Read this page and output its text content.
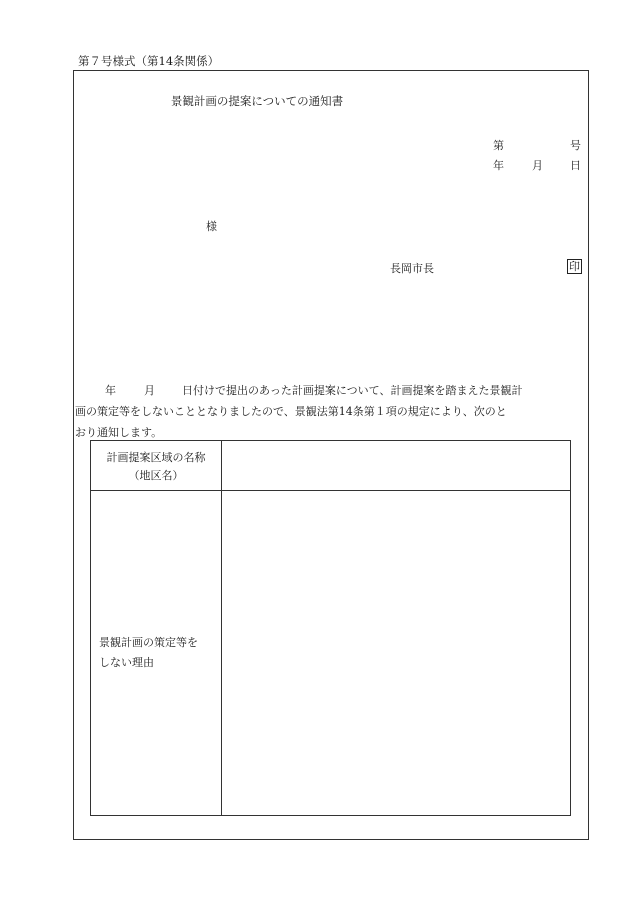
第７号様式（第14条関係）
景観計画の提案についての通知書
第	号
年	月 日
様
長岡市長	印
年	月 日付けで提出のあった計画提案について、計画提案を踏まえた景観計
画の策定等をしないこととなりましたので、景観法第14条第１項の規定により、次のと
おり通知します。
計画提案区域の名称
（地区名）
景観計画の策定等を
しない理由
